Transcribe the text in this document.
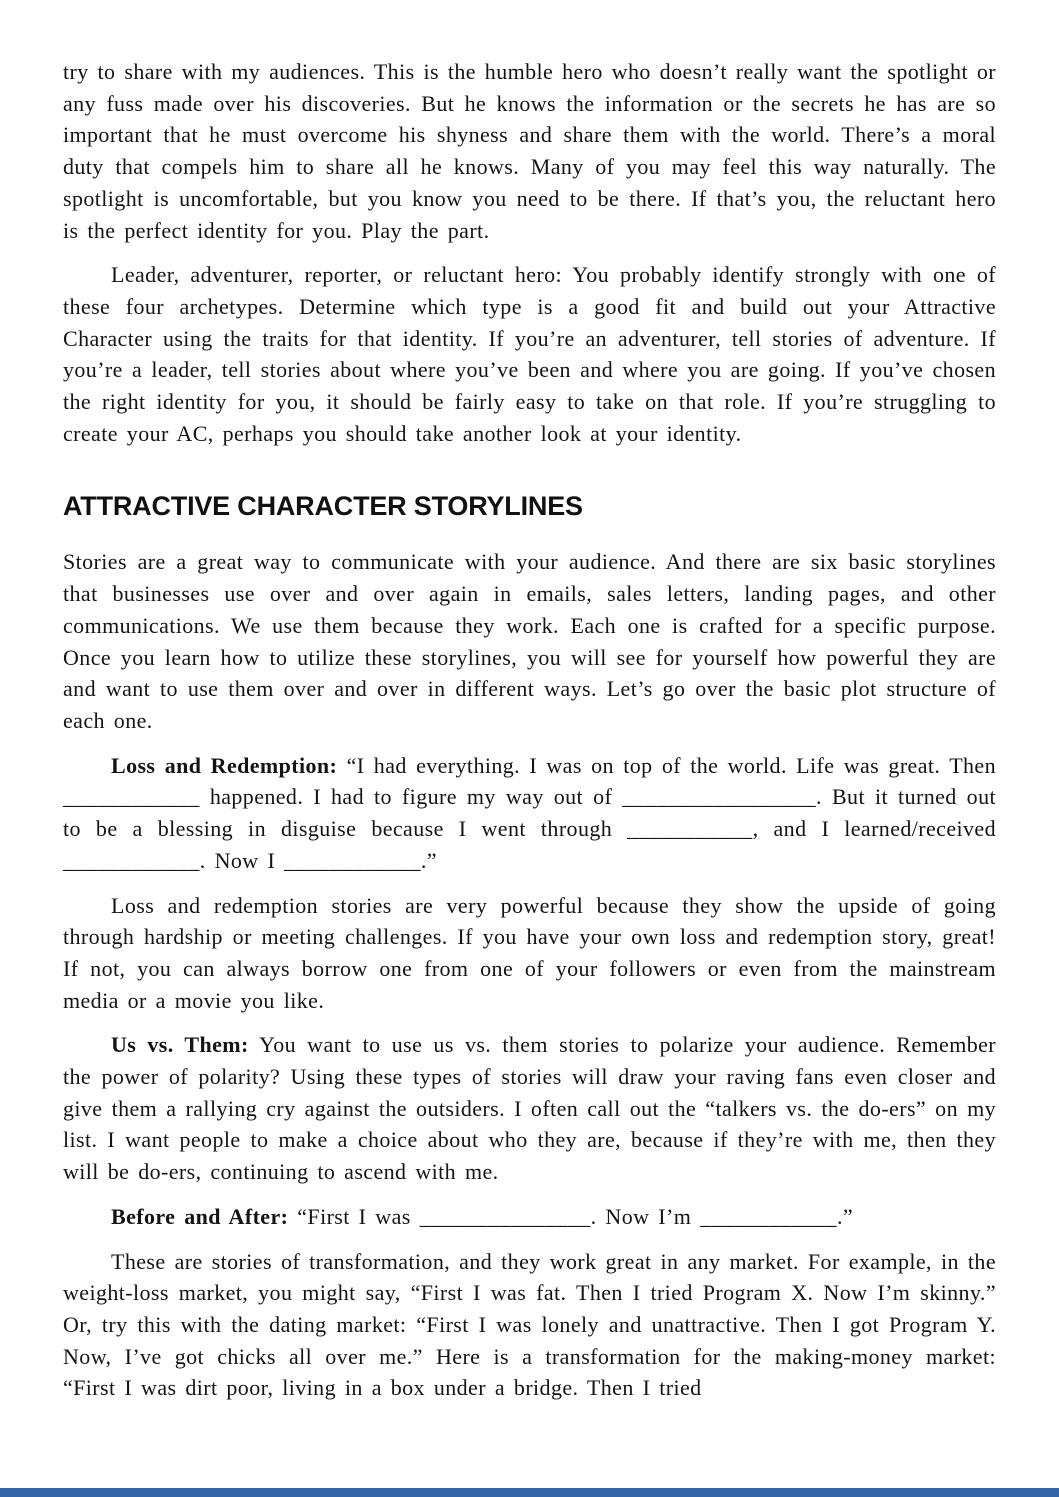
try to share with my audiences. This is the humble hero who doesn’t really want the spotlight or any fuss made over his discoveries. But he knows the information or the secrets he has are so important that he must overcome his shyness and share them with the world. There’s a moral duty that compels him to share all he knows. Many of you may feel this way naturally. The spotlight is uncomfortable, but you know you need to be there. If that’s you, the reluctant hero is the perfect identity for you. Play the part.

Leader, adventurer, reporter, or reluctant hero: You probably identify strongly with one of these four archetypes. Determine which type is a good fit and build out your Attractive Character using the traits for that identity. If you’re an adventurer, tell stories of adventure. If you’re a leader, tell stories about where you’ve been and where you are going. If you’ve chosen the right identity for you, it should be fairly easy to take on that role. If you’re struggling to create your AC, perhaps you should take another look at your identity.

ATTRACTIVE CHARACTER STORYLINES

Stories are a great way to communicate with your audience. And there are six basic storylines that businesses use over and over again in emails, sales letters, landing pages, and other communications. We use them because they work. Each one is crafted for a specific purpose. Once you learn how to utilize these storylines, you will see for yourself how powerful they are and want to use them over and over in different ways. Let’s go over the basic plot structure of each one.

Loss and Redemption: “I had everything. I was on top of the world. Life was great. Then ____________ happened. I had to figure my way out of _________________. But it turned out to be a blessing in disguise because I went through ___________, and I learned/received ____________. Now I ____________.”

Loss and redemption stories are very powerful because they show the upside of going through hardship or meeting challenges. If you have your own loss and redemption story, great! If not, you can always borrow one from one of your followers or even from the mainstream media or a movie you like.

Us vs. Them: You want to use us vs. them stories to polarize your audience. Remember the power of polarity? Using these types of stories will draw your raving fans even closer and give them a rallying cry against the outsiders. I often call out the “talkers vs. the do-ers” on my list. I want people to make a choice about who they are, because if they’re with me, then they will be do-ers, continuing to ascend with me.

Before and After: “First I was _______________. Now I’m ____________.”

These are stories of transformation, and they work great in any market. For example, in the weight-loss market, you might say, “First I was fat. Then I tried Program X. Now I’m skinny.” Or, try this with the dating market: “First I was lonely and unattractive. Then I got Program Y. Now, I’ve got chicks all over me.” Here is a transformation for the making-money market: “First I was dirt poor, living in a box under a bridge. Then I tried
